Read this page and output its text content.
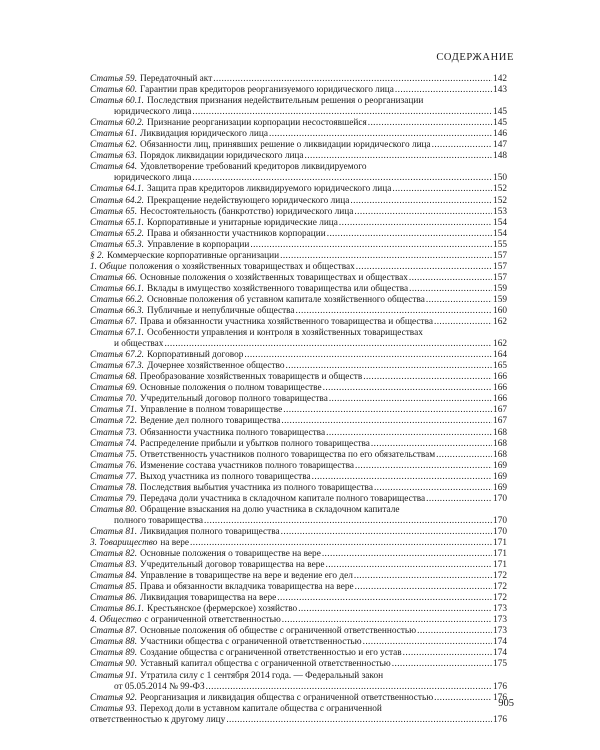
СОДЕРЖАНИЕ
Статья 59. Передаточный акт .....	142
Статья 60. Гарантии прав кредиторов реорганизуемого юридического лица .....	143
Статья 60.1. Последствия признания недействительным решения о реорганизации
юридического лица .....	145
Статья 60.2. Признание реорганизации корпорации несостоявшейся .....	145
Статья 61. Ликвидация юридического лица .....	146
Статья 62. Обязанности лиц, принявших решение о ликвидации юридического лица .....	147
Статья 63. Порядок ликвидации юридического лица .....	148
Статья 64. Удовлетворение требований кредиторов ликвидируемого
юридического лица .....	150
Статья 64.1. Защита прав кредиторов ликвидируемого юридического лица .....	152
Статья 64.2. Прекращение недействующего юридического лица .....	152
Статья 65. Несостоятельность (банкротство) юридического лица .....	153
Статья 65.1. Корпоративные и унитарные юридические лица .....	154
Статья 65.2. Права и обязанности участников корпорации .....	154
Статья 65.3. Управление в корпорации .....	155
§ 2. Коммерческие корпоративные организации .....	157
1. Общие положения о хозяйственных товариществах и обществах .....	157
Статья 66. Основные положения о хозяйственных товариществах и обществах .....	157
Статья 66.1. Вклады в имущество хозяйственного товарищества или общества .....	159
Статья 66.2. Основные положения об уставном капитале хозяйственного общества .....	159
Статья 66.3. Публичные и непубличные общества .....	160
Статья 67. Права и обязанности участника хозяйственного товарищества и общества .....	162
Статья 67.1. Особенности управления и контроля в хозяйственных товариществах
и обществах .....	162
Статья 67.2. Корпоративный договор .....	164
Статья 67.3. Дочернее хозяйственное общество .....	165
Статья 68. Преобразование хозяйственных товариществ и обществ .....	166
Статья 69. Основные положения о полном товариществе .....	166
Статья 70. Учредительный договор полного товарищества .....	166
Статья 71. Управление в полном товариществе .....	167
Статья 72. Ведение дел полного товарищества .....	167
Статья 73. Обязанности участника полного товарищества .....	168
Статья 74. Распределение прибыли и убытков полного товарищества .....	168
Статья 75. Ответственность участников полного товарищества по его обязательствам .....	168
Статья 76. Изменение состава участников полного товарищества .....	169
Статья 77. Выход участника из полного товарищества .....	169
Статья 78. Последствия выбытия участника из полного товарищества .....	169
Статья 79. Передача доли участника в складочном капитале полного товарищества .....	170
Статья 80. Обращение взыскания на долю участника в складочном капитале
полного товарищества .....	170
Статья 81. Ликвидация полного товарищества .....	170
3. Товарищество на вере .....	171
Статья 82. Основные положения о товариществе на вере .....	171
Статья 83. Учредительный договор товарищества на вере .....	171
Статья 84. Управление в товариществе на вере и ведение его дел .....	172
Статья 85. Права и обязанности вкладчика товарищества на вере .....	172
Статья 86. Ликвидация товарищества на вере .....	172
Статья 86.1. Крестьянское (фермерское) хозяйство .....	173
4. Общество с ограниченной ответственностью .....	173
Статья 87. Основные положения об обществе с ограниченной ответственностью .....	173
Статья 88. Участники общества с ограниченной ответственностью .....	174
Статья 89. Создание общества с ограниченной ответственностью и его устав .....	174
Статья 90. Уставный капитал общества с ограниченной ответственностью .....	175
Статья 91. Утратила силу с 1 сентября 2014 года. — Федеральный закон
от 05.05.2014 № 99-ФЗ .....	176
Статья 92. Реорганизация и ликвидация общества с ограниченной ответственностью .....	176
Статья 93. Переход доли в уставном капитале общества с ограниченной
ответственностью к другому лицу .....	176
905
